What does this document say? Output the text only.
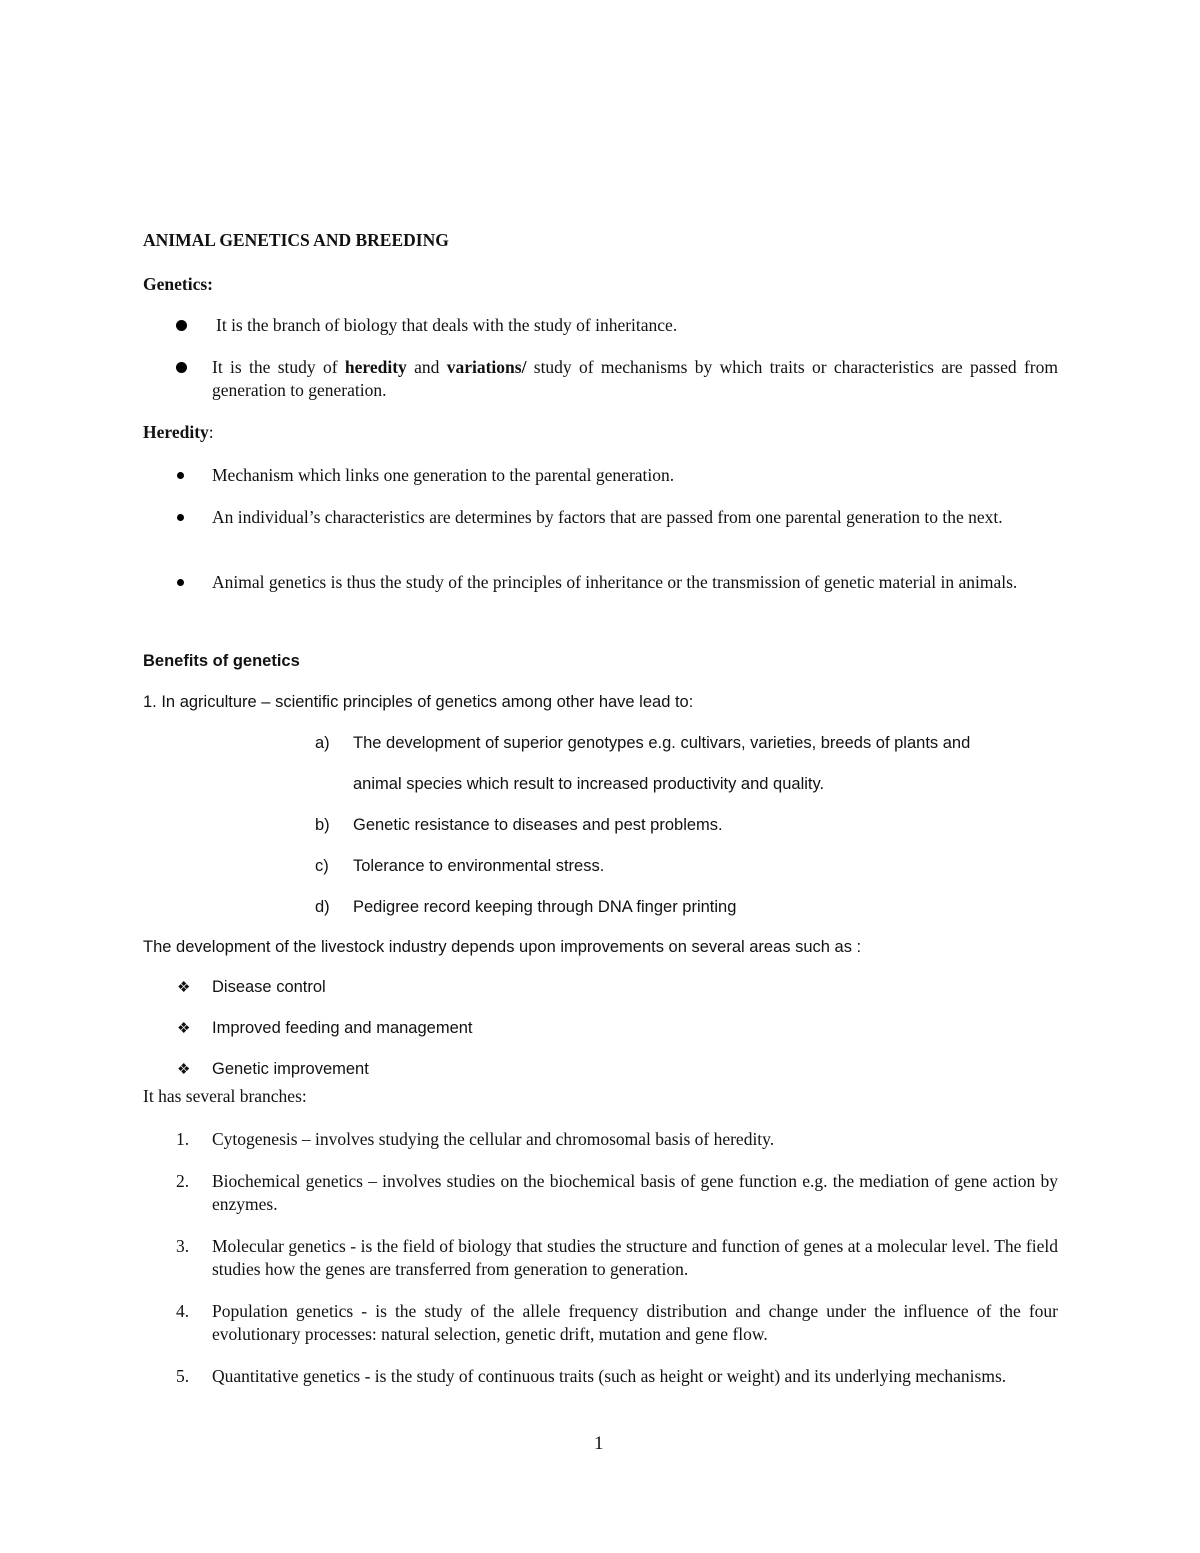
ANIMAL GENETICS AND BREEDING
Genetics:
It is the branch of biology that deals with the study of inheritance.
It is the study of heredity and variations/ study of mechanisms by which traits or characteristics are passed from generation to generation.
Heredity:
Mechanism which links one generation to the parental generation.
An individual’s characteristics are determines by factors that are passed from one parental generation to the next.
Animal genetics is thus the study of the principles of inheritance or the transmission of genetic material in animals.
Benefits of genetics
1. In agriculture – scientific principles of genetics among other have lead to:
a) The development of superior genotypes e.g. cultivars, varieties, breeds of plants and
animal species which result to increased productivity and quality.
b) Genetic resistance to diseases and pest problems.
c) Tolerance to environmental stress.
d) Pedigree record keeping through DNA finger printing
The development of the livestock industry depends upon improvements on several areas such as :
❖ Disease control
❖ Improved feeding and management
❖ Genetic improvement
It has several branches:
1. Cytogenesis – involves studying the cellular and chromosomal basis of heredity.
2. Biochemical genetics – involves studies on the biochemical basis of gene function e.g. the mediation of gene action by enzymes.
3. Molecular genetics - is the field of biology that studies the structure and function of genes at a molecular level. The field studies how the genes are transferred from generation to generation.
4. Population genetics - is the study of the allele frequency distribution and change under the influence of the four evolutionary processes: natural selection, genetic drift, mutation and gene flow.
5. Quantitative genetics - is the study of continuous traits (such as height or weight) and its underlying mechanisms.
1
